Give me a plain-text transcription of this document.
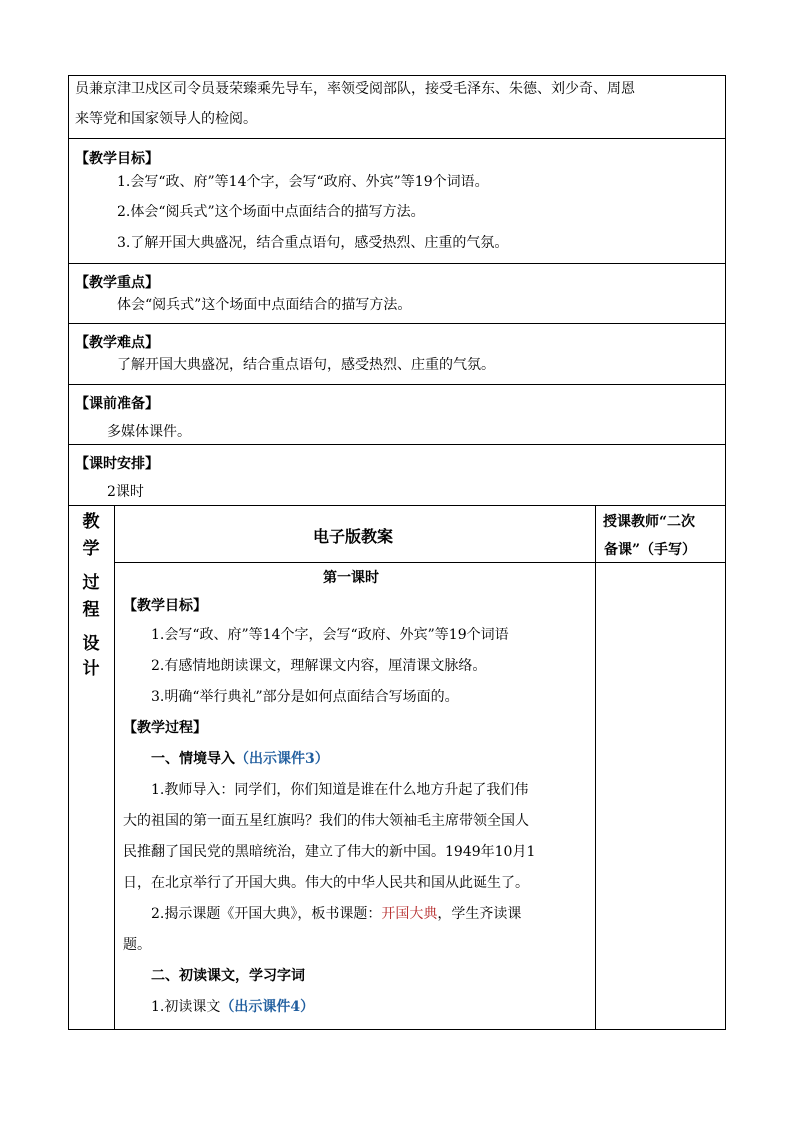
员兼京津卫戍区司令员聂荣臻乘先导车，率领受阅部队，接受毛泽东、朱德、刘少奇、周恩
来等党和国家领导人的检阅。
【教学目标】
1.会写“政、府”等14个字，会写“政府、外宾”等19个词语。
2.体会“阅兵式”这个场面中点面结合的描写方法。
3.了解开国大典盛况，结合重点语句，感受热烈、庄重的气氛。
【教学重点】
体会“阅兵式”这个场面中点面结合的描写方法。
【教学难点】
了解开国大典盛况，结合重点语句，感受热烈、庄重的气氛。
【课前准备】
多媒体课件。
【课时安排】
2课时
教
学
过
程
设
计
电子版教案
授课教师“二次
备课”（手写）
第一课时
【教学目标】
1.会写“政、府”等14个字，会写“政府、外宾”等19个词语
2.有感情地朗读课文，理解课文内容，厘清课文脉络。
3.明确“举行典礼”部分是如何点面结合写场面的。
【教学过程】
一、情境导入（出示课件3）
1.教师导入：同学们，你们知道是谁在什么地方升起了我们伟
大的祖国的第一面五星红旗吗？我们的伟大领袖毛主席带领全国人
民推翻了国民党的黑暗统治，建立了伟大的新中国。1949年10月1
日，在北京举行了开国大典。伟大的中华人民共和国从此诞生了。
2.揭示课题《开国大典》，板书课题：开国大典，学生齐读课
题。
二、初读课文，学习字词
1.初读课文（出示课件4）
